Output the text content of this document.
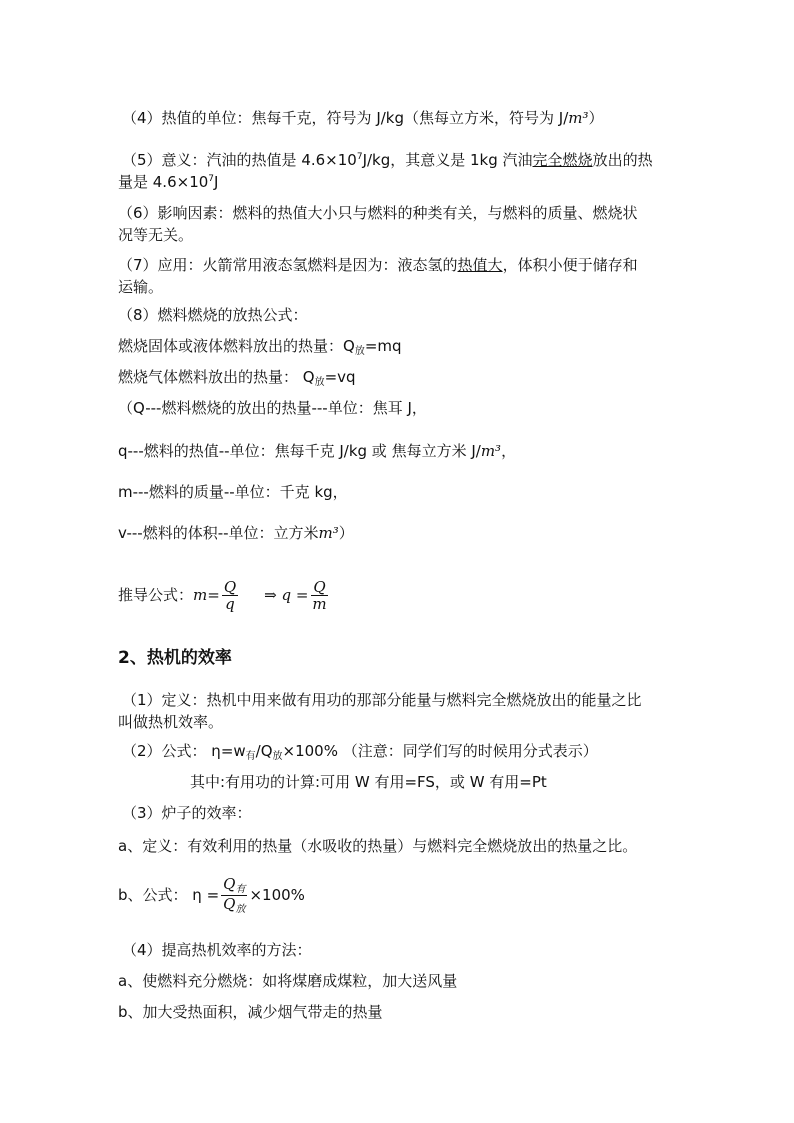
（4）热值的单位：焦每千克，符号为 J/kg（焦每立方米，符号为 J/m³）
（5）意义：汽油的热值是 $4.6\times 10^7J/kg$，其意义是 1kg 汽油完全燃烧放出的热
量是 $4.6\times 10^7J$
（6）影响因素：燃料的热值大小只与燃料的种类有关，与燃料的质量、燃烧状
况等无关。
（7）应用：火箭常用液态氢燃料是因为：液态氢的热值大，体积小便于储存和
运输。
（8）燃料燃烧的放热公式：
燃烧固体或液体燃料放出的热量：$Q_放=mq$
燃烧气体燃料放出的热量： $Q_放=vq$
（Q---燃料燃烧的放出的热量---单位：焦耳 J，
q---燃料的热值--单位：焦每千克 J/kg 或 焦每立方米 J/m³，
m---燃料的质量--单位：千克 kg，
v---燃料的体积--单位：立方米m³）
推导公式： $m = \frac{Q}{q}$ ⇒ $q = \frac{Q}{m}$
2、热机的效率
（1）定义：热机中用来做有用功的那部分能量与燃料完全燃烧放出的能量之比
叫做热机效率。
（2）公式： $\eta=w_有/Q_放\times 100\%$ （注意：同学们写的时候用分式表示）
其中:有用功的计算:可用 W 有用=FS，或 W 有用=Pt
（3）炉子的效率：
a、定义：有效利用的热量（水吸收的热量）与燃料完全燃烧放出的热量之比。
b、公式： $\eta = \frac{Q_有}{Q_放} \times 100\%$
（4）提高热机效率的方法：
a、使燃料充分燃烧：如将煤磨成煤粒，加大送风量
b、加大受热面积，减少烟气带走的热量
